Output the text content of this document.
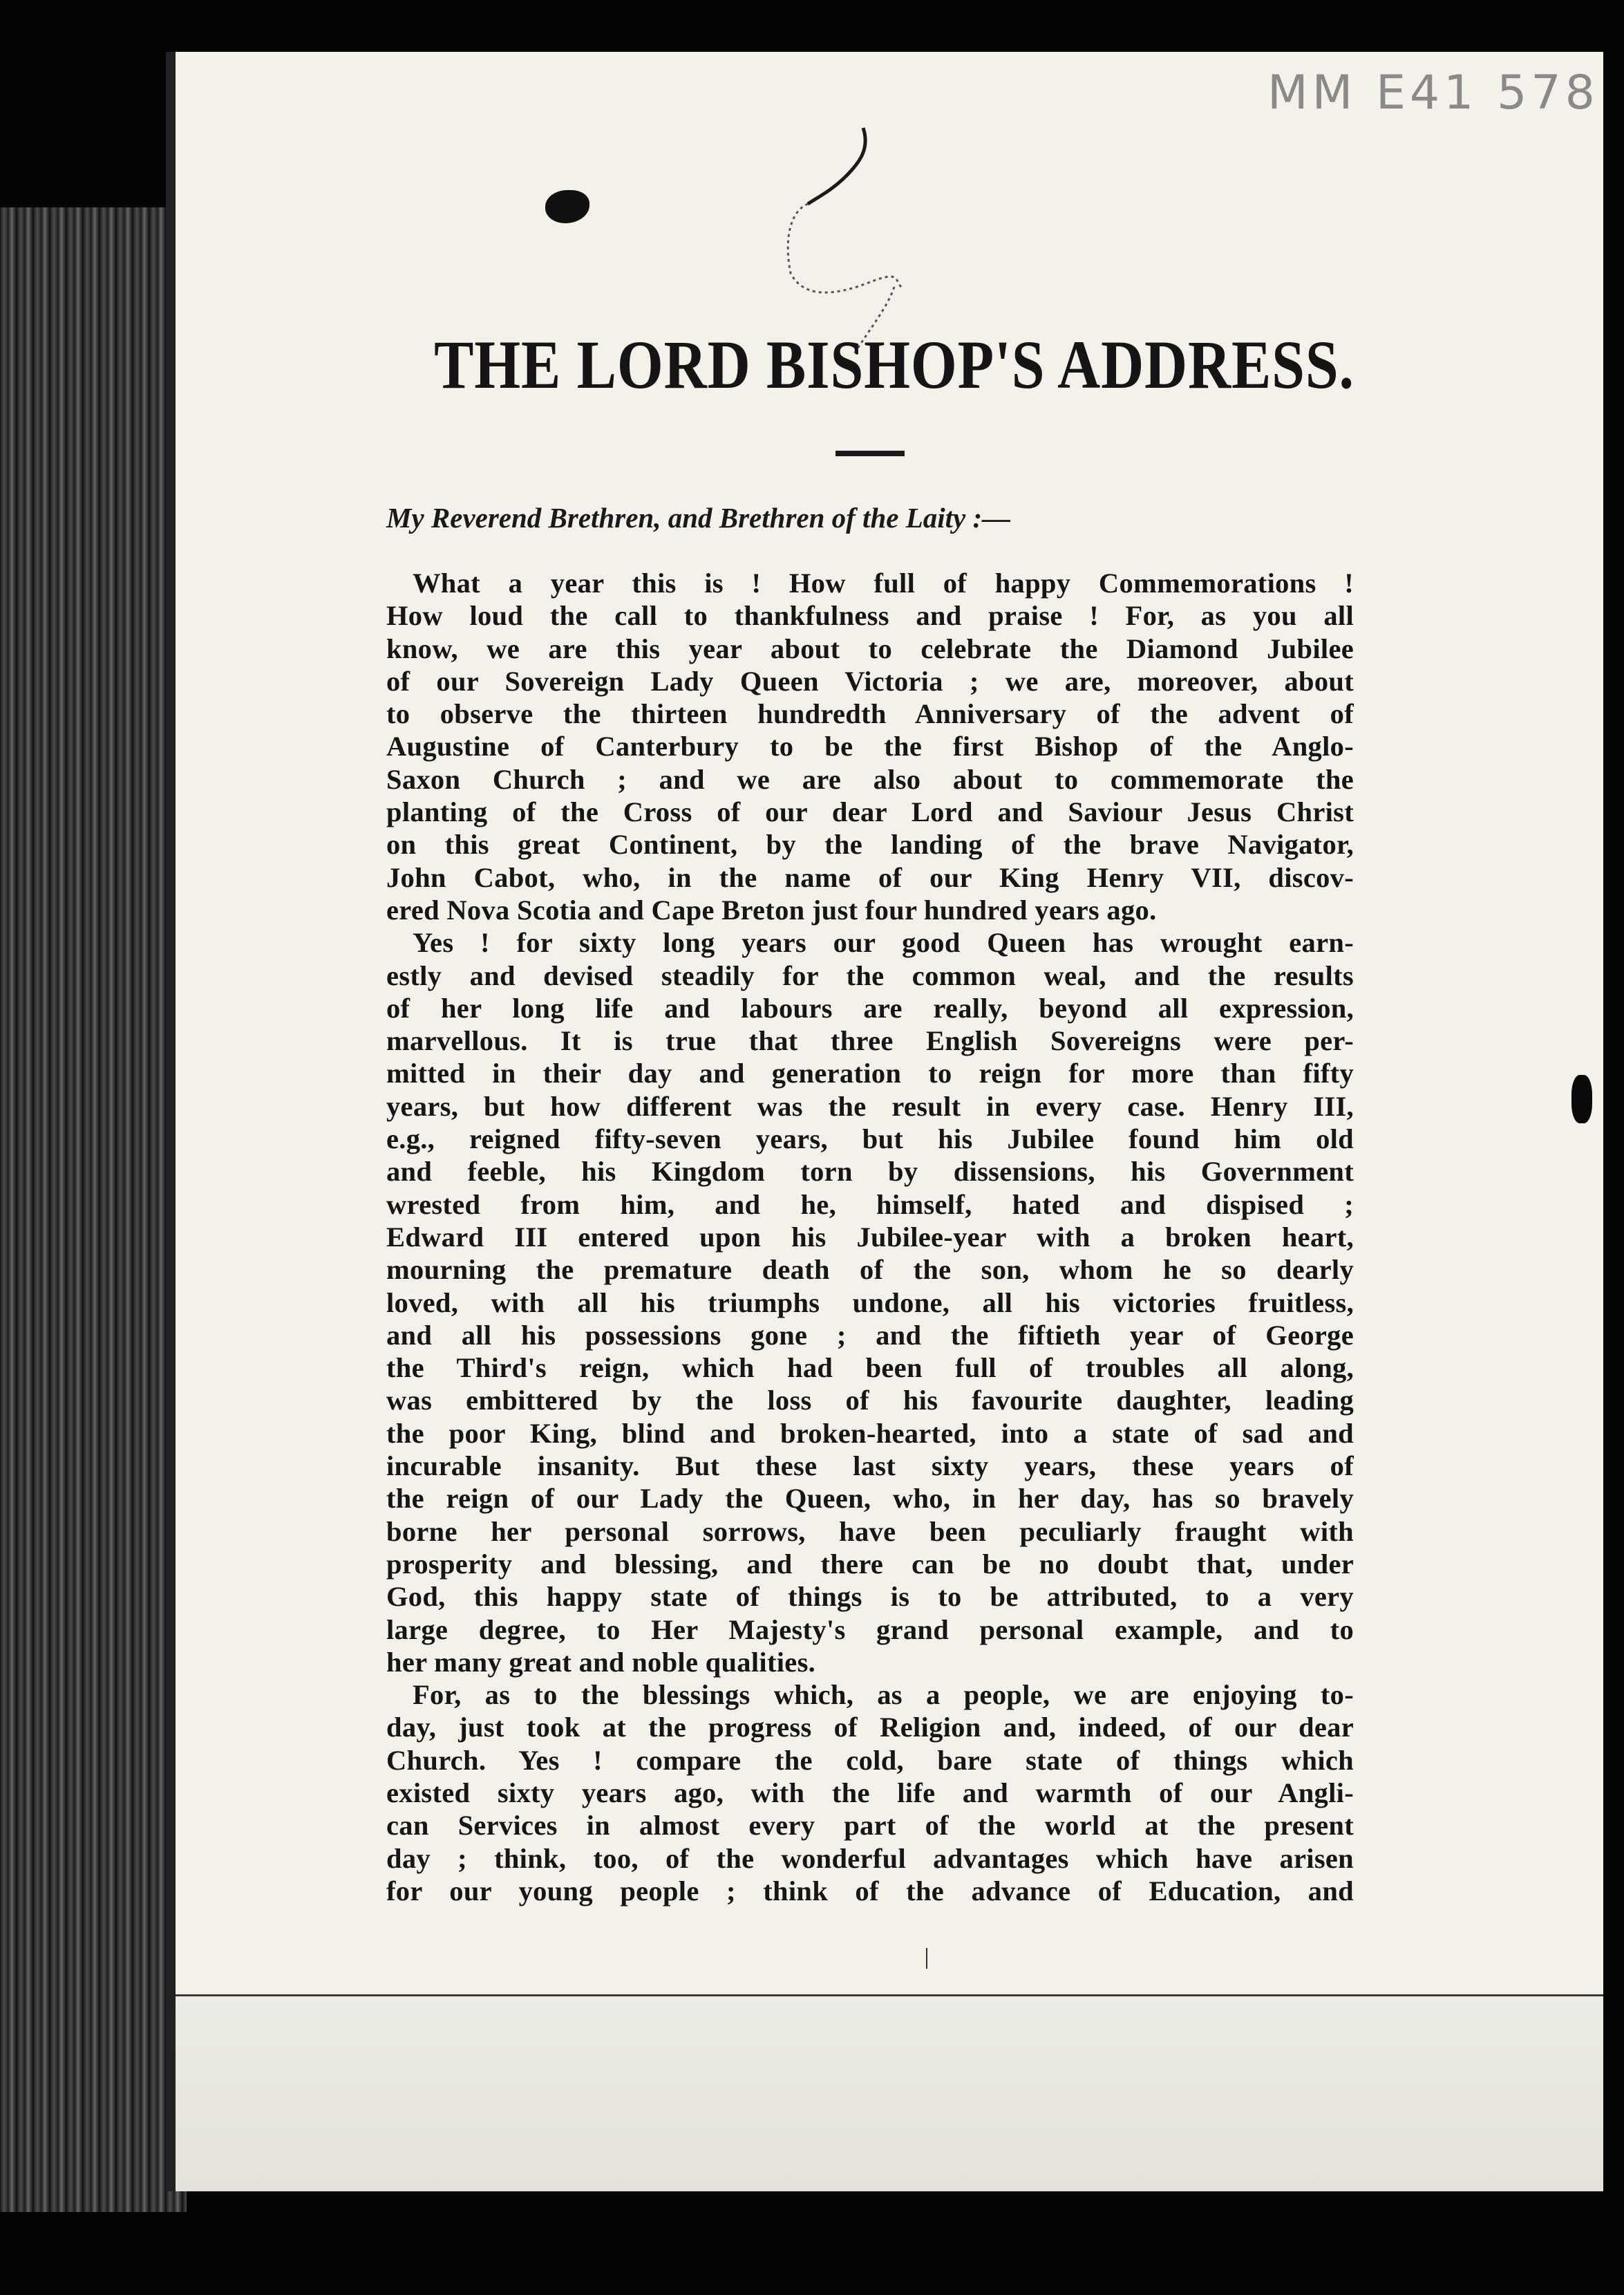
MM E41 578
THE LORD BISHOP'S ADDRESS.

My Reverend Brethren, and Brethren of the Laity :—

What a year this is ! How full of happy Commemorations !
How loud the call to thankfulness and praise ! For, as you all
know, we are this year about to celebrate the Diamond Jubilee
of our Sovereign Lady Queen Victoria ; we are, moreover, about
to observe the thirteen hundredth Anniversary of the advent of
Augustine of Canterbury to be the first Bishop of the Anglo-
Saxon Church ; and we are also about to commemorate the
planting of the Cross of our dear Lord and Saviour Jesus Christ
on this great Continent, by the landing of the brave Navigator,
John Cabot, who, in the name of our King Henry VII, discov-
ered Nova Scotia and Cape Breton just four hundred years ago.
Yes ! for sixty long years our good Queen has wrought earn-
estly and devised steadily for the common weal, and the results
of her long life and labours are really, beyond all expression,
marvellous. It is true that three English Sovereigns were per-
mitted in their day and generation to reign for more than fifty
years, but how different was the result in every case. Henry III,
e.g., reigned fifty-seven years, but his Jubilee found him old
and feeble, his Kingdom torn by dissensions, his Government
wrested from him, and he, himself, hated and dispised ;
Edward III entered upon his Jubilee-year with a broken heart,
mourning the premature death of the son, whom he so dearly
loved, with all his triumphs undone, all his victories fruitless,
and all his possessions gone ; and the fiftieth year of George
the Third's reign, which had been full of troubles all along,
was embittered by the loss of his favourite daughter, leading
the poor King, blind and broken-hearted, into a state of sad and
incurable insanity. But these last sixty years, these years of
the reign of our Lady the Queen, who, in her day, has so bravely
borne her personal sorrows, have been peculiarly fraught with
prosperity and blessing, and there can be no doubt that, under
God, this happy state of things is to be attributed, to a very
large degree, to Her Majesty's grand personal example, and to
her many great and noble qualities.
For, as to the blessings which, as a people, we are enjoying to-
day, just took at the progress of Religion and, indeed, of our dear
Church. Yes ! compare the cold, bare state of things which
existed sixty years ago, with the life and warmth of our Angli-
can Services in almost every part of the world at the present
day ; think, too, of the wonderful advantages which have arisen
for our young people ; think of the advance of Education, and
